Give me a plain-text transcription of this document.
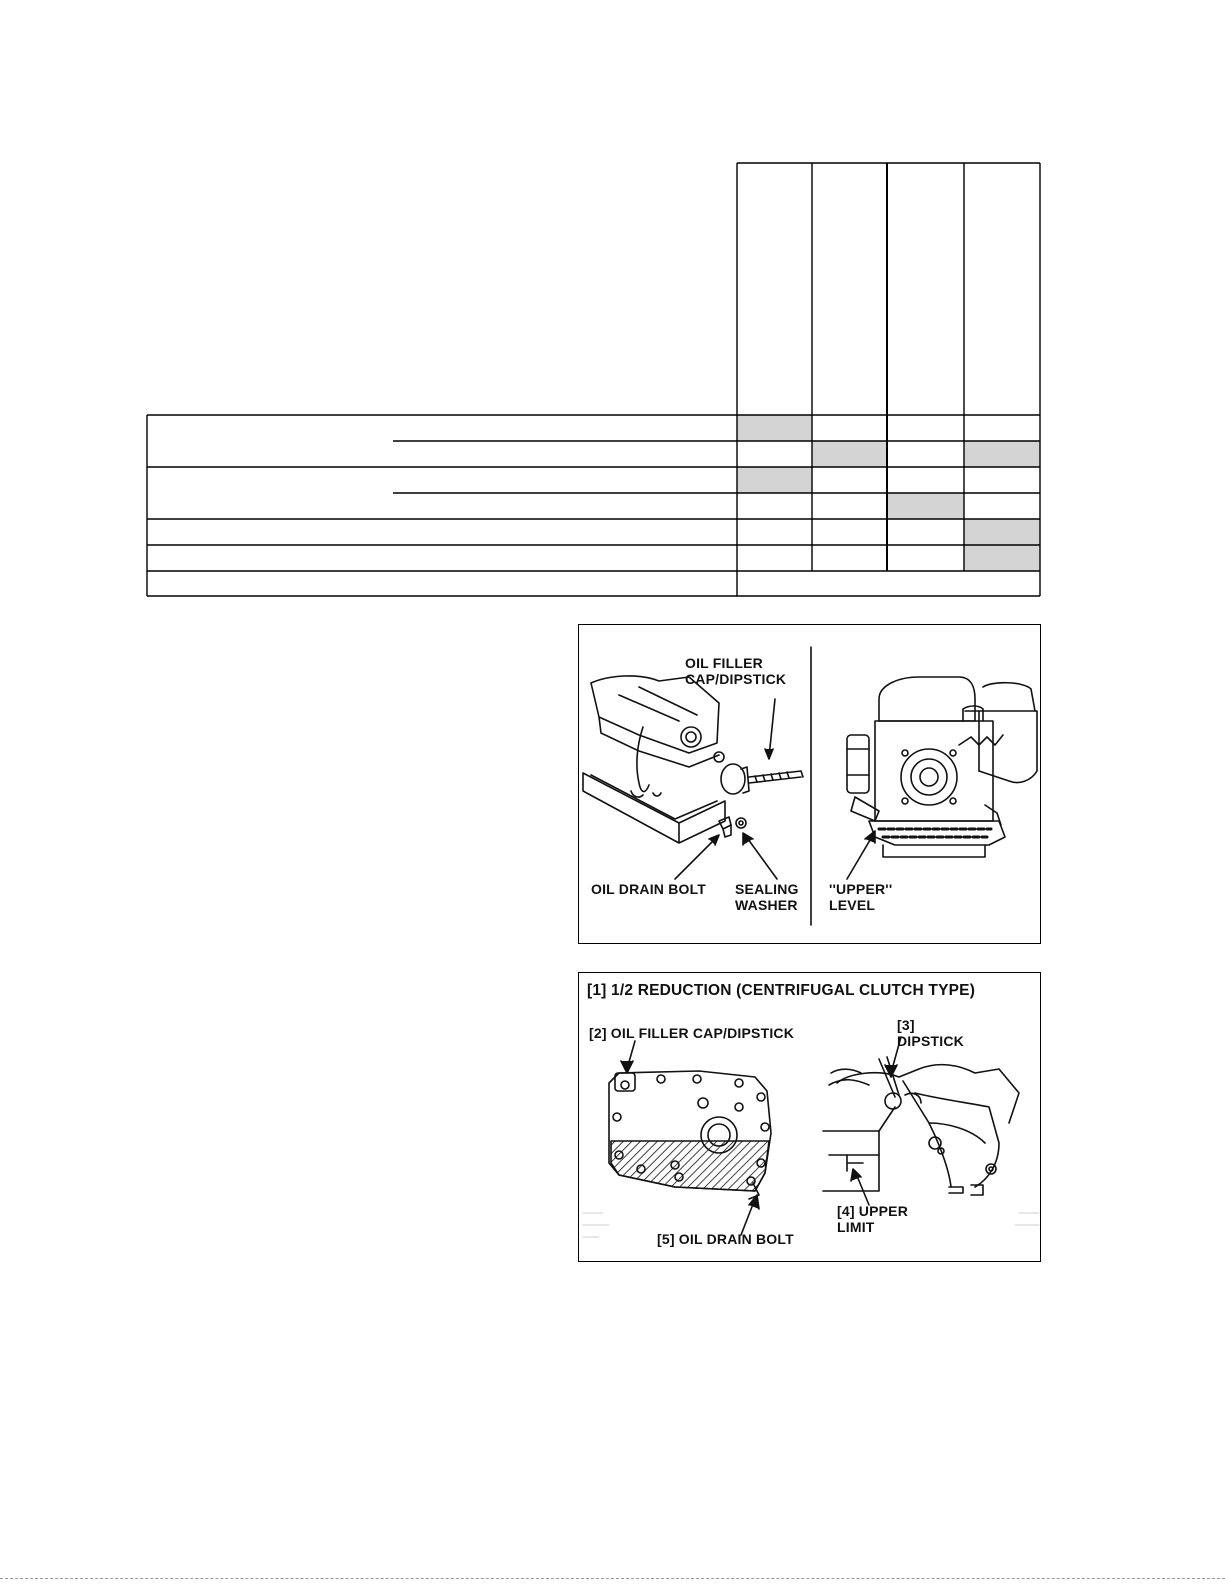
OIL FILLER
CAP/DIPSTICK
OIL DRAIN BOLT SEALING
WASHER
''UPPER''
LEVEL
[1] 1/2 REDUCTION (CENTRIFUGAL CLUTCH TYPE)
[2] OIL FILLER CAP/DIPSTICK	[3]
DIPSTICK
[4] UPPER
LIMIT
[5] OIL DRAIN BOLT
